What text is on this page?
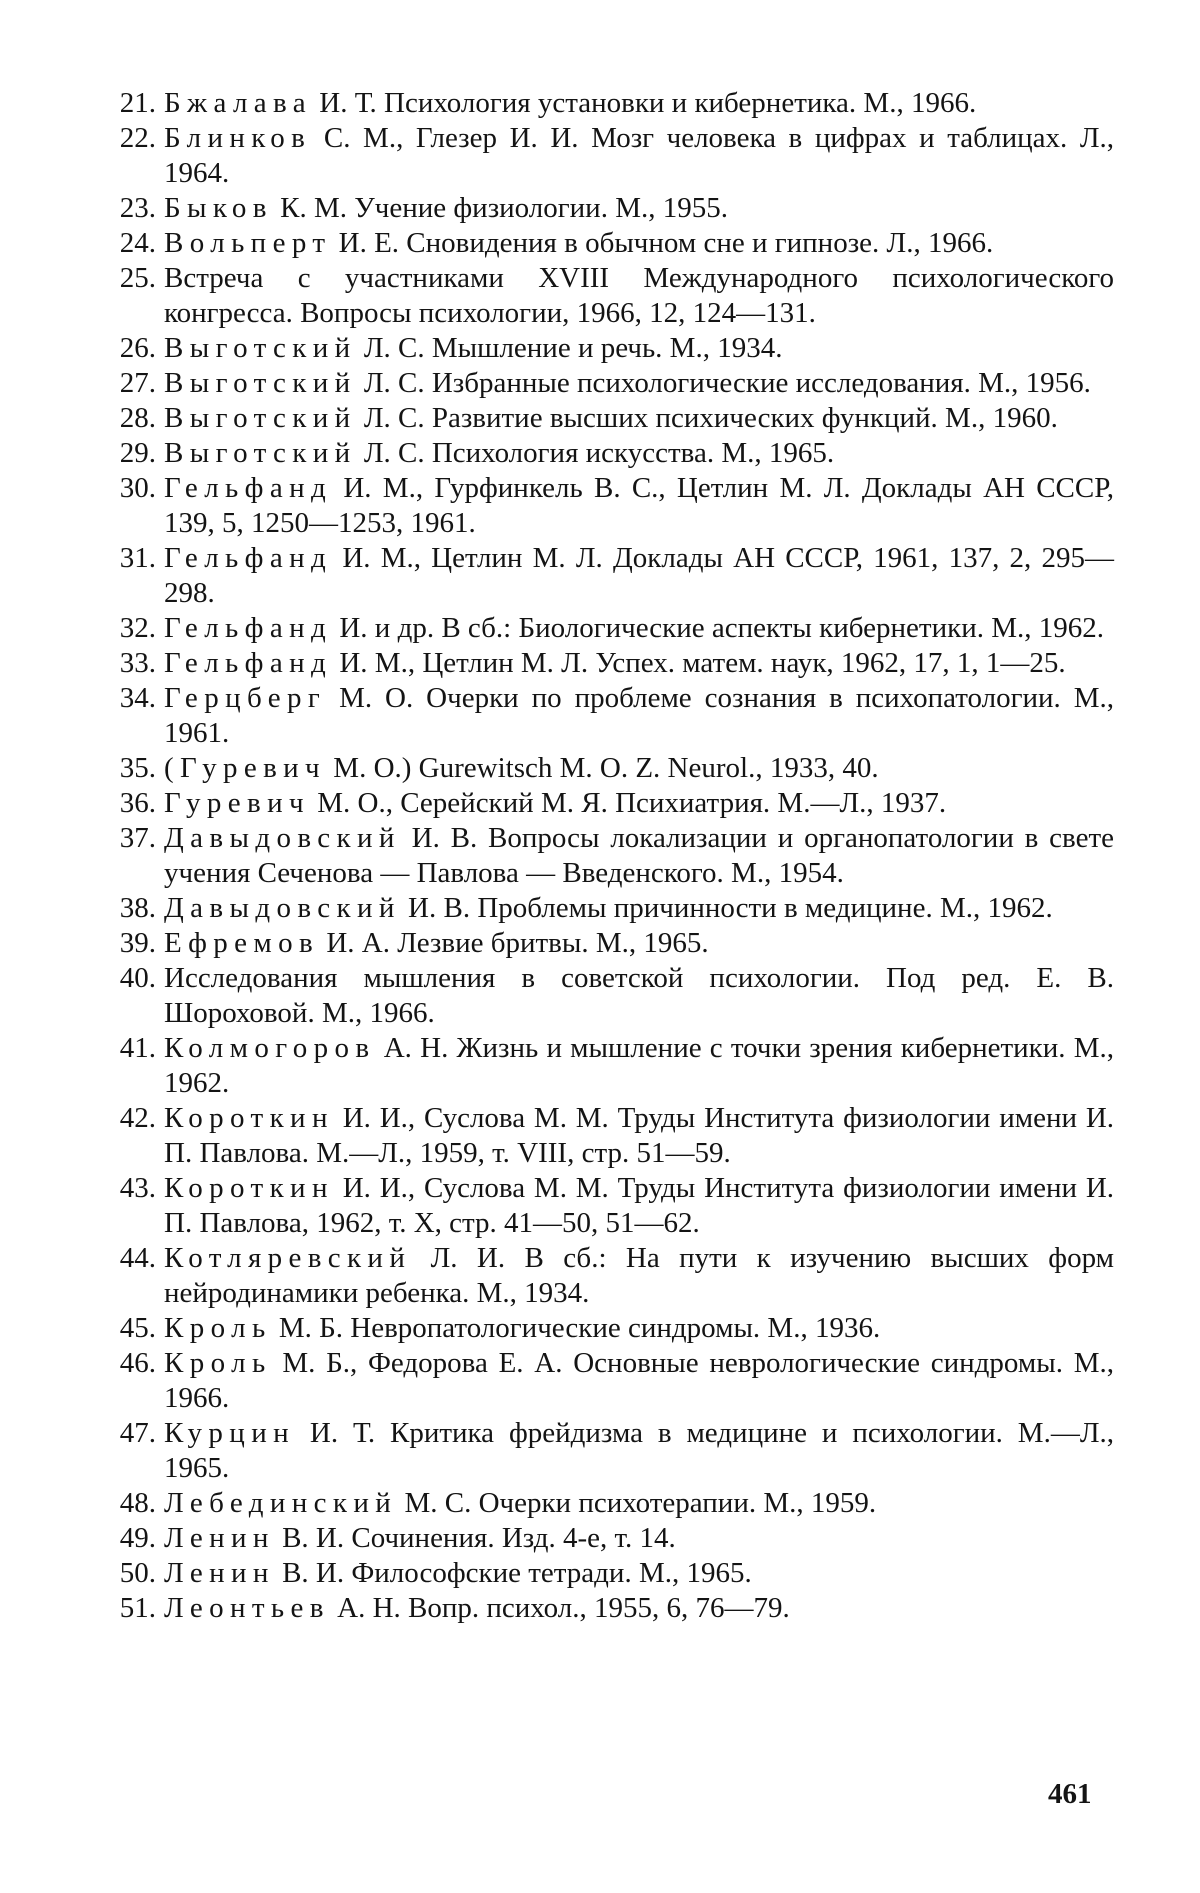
21. Бжалава И. Т. Психология установки и кибернетика. М., 1966.
22. Блинков С. М., Глезер И. И. Мозг человека в цифрах и таблицах. Л., 1964.
23. Быков К. М. Учение физиологии. М., 1955.
24. Вольперт И. Е. Сновидения в обычном сне и гипнозе. Л., 1966.
25. Встреча с участниками XVIII Международного психологического конгресса. Вопросы психологии, 1966, 12, 124—131.
26. Выготский Л. С. Мышление и речь. М., 1934.
27. Выготский Л. С. Избранные психологические исследования. М., 1956.
28. Выготский Л. С. Развитие высших психических функций. М., 1960.
29. Выготский Л. С. Психология искусства. М., 1965.
30. Гельфанд И. М., Гурфинкель В. С., Цетлин М. Л. Доклады АН СССР, 139, 5, 1250—1253, 1961.
31. Гельфанд И. М., Цетлин М. Л. Доклады АН СССР, 1961, 137, 2, 295—298.
32. Гельфанд И. и др. В сб.: Биологические аспекты кибернетики. М., 1962.
33. Гельфанд И. М., Цетлин М. Л. Успех. матем. наук, 1962, 17, 1, 1—25.
34. Герцберг М. О. Очерки по проблеме сознания в психопатологии. М., 1961.
35. (Гуревич М. О.) Gurewitsch M. O. Z. Neurol., 1933, 40.
36. Гуревич М. О., Серейский М. Я. Психиатрия. М.—Л., 1937.
37. Давыдовский И. В. Вопросы локализации и органопатологии в свете учения Сеченова — Павлова — Введенского. М., 1954.
38. Давыдовский И. В. Проблемы причинности в медицине. М., 1962.
39. Ефремов И. А. Лезвие бритвы. М., 1965.
40. Исследования мышления в советской психологии. Под ред. Е. В. Шороховой. М., 1966.
41. Колмогоров А. Н. Жизнь и мышление с точки зрения кибернетики. М., 1962.
42. Короткин И. И., Суслова М. М. Труды Института физиологии имени И. П. Павлова. М.—Л., 1959, т. VIII, стр. 51—59.
43. Короткин И. И., Суслова М. М. Труды Института физиологии имени И. П. Павлова, 1962, т. X, стр. 41—50, 51—62.
44. Котляревский Л. И. В сб.: На пути к изучению высших форм нейродинамики ребенка. М., 1934.
45. Кроль М. Б. Невропатологические синдромы. М., 1936.
46. Кроль М. Б., Федорова Е. А. Основные неврологические синдромы. М., 1966.
47. Курцин И. Т. Критика фрейдизма в медицине и психологии. М.—Л., 1965.
48. Лебединский М. С. Очерки психотерапии. М., 1959.
49. Ленин В. И. Сочинения. Изд. 4-е, т. 14.
50. Ленин В. И. Философские тетради. М., 1965.
51. Леонтьев А. Н. Вопр. психол., 1955, 6, 76—79.
461
